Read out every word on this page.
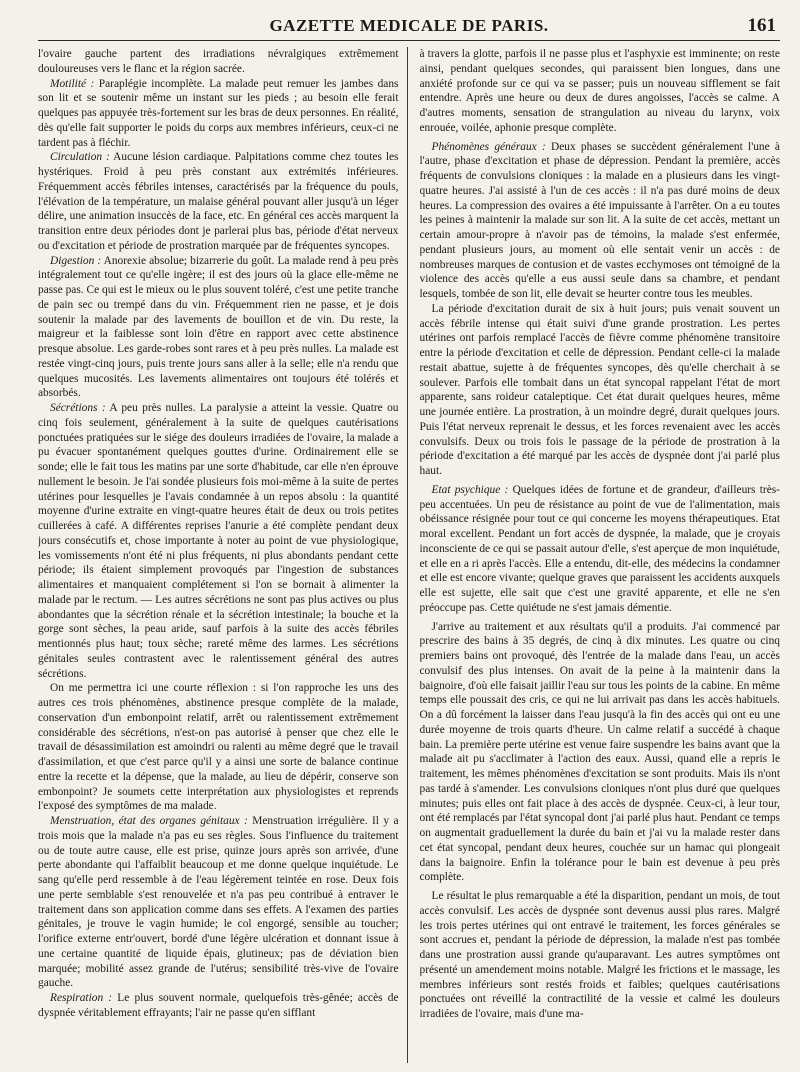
GAZETTE MEDICALE DE PARIS.	161

l'ovaire gauche partent des irradiations névralgiques extrêmement douloureuses vers le flanc et la région sacrée.

Motilité : Paraplégie incomplète. La malade peut remuer les jambes dans son lit et se soutenir même un instant sur les pieds ; au besoin elle ferait quelques pas appuyée très-fortement sur les bras de deux personnes. En réalité, dès qu'elle fait supporter le poids du corps aux membres inférieurs, ceux-ci ne tardent pas à fléchir.

Circulation : Aucune lésion cardiaque. Palpitations comme chez toutes les hystériques. Froid à peu près constant aux extrémités inférieures. Fréquemment accès fébriles intenses, caractérisés par la fréquence du pouls, l'élévation de la température, un malaise général pouvant aller jusqu'à un léger délire, une animation insuccès de la face, etc. En général ces accès marquent la transition entre deux périodes dont je parlerai plus bas, période d'état nerveux ou d'excitation et période de prostration marquée par de fréquentes syncopes.

Digestion : Anorexie absolue; bizarrerie du goût. La malade rend à peu près intégralement tout ce qu'elle ingère; il est des jours où la glace elle-même ne passe pas. Ce qui est le mieux ou le plus souvent toléré, c'est une petite tranche de pain sec ou trempé dans du vin. Fréquemment rien ne passe, et je dois soutenir la malade par des lavements de bouillon et de vin. Du reste, la maigreur et la faiblesse sont loin d'être en rapport avec cette abstinence presque absolue. Les garde-robes sont rares et à peu près nulles. La malade est restée vingt-cinq jours, puis trente jours sans aller à la selle; elle n'a rendu que quelques mucosités. Les lavements alimentaires ont toujours été tolérés et absorbés.

Sécrétions : A peu près nulles. La paralysie a atteint la vessie. Quatre ou cinq fois seulement, généralement à la suite de quelques cautérisations ponctuées pratiquées sur le siége des douleurs irradiées de l'ovaire, la malade a pu évacuer spontanément quelques gouttes d'urine. Ordinairement elle se sonde; elle le fait tous les matins par une sorte d'habitude, car elle n'en éprouve nullement le besoin. Je l'ai sondée plusieurs fois moi-même à la suite de pertes utérines pour lesquelles je l'avais condamnée à un repos absolu : la quantité moyenne d'urine extraite en vingt-quatre heures était de deux ou trois petites cuillerées à café. A différentes reprises l'anurie a été complète pendant deux jours consécutifs et, chose importante à noter au point de vue physiologique, les vomissements n'ont été ni plus fréquents, ni plus abondants pendant cette période; ils étaient simplement provoqués par l'ingestion de substances alimentaires et manquaient complétement si l'on se bornait à alimenter la malade par le rectum. — Les autres sécrétions ne sont pas plus actives ou plus abondantes que la sécrétion rénale et la sécrétion intestinale; la bouche et la gorge sont sèches, la peau aride, sauf parfois à la suite des accès fébriles mentionnés plus haut; toux sèche; rareté même des larmes. Les sécrétions génitales seules contrastent avec le ralentissement général des autres sécrétions.

On me permettra ici une courte réflexion : si l'on rapproche les uns des autres ces trois phénomènes, abstinence presque complète de la malade, conservation d'un embonpoint relatif, arrêt ou ralentissement extrêmement considérable des sécrétions, n'est-on pas autorisé à penser que chez elle le travail de désassimilation est amoindri ou ralenti au même degré que le travail d'assimilation, et que c'est parce qu'il y a ainsi une sorte de balance continue entre la recette et la dépense, que la malade, au lieu de dépérir, conserve son embonpoint? Je soumets cette interprétation aux physiologistes et reprends l'exposé des symptômes de ma malade.

Menstruation, état des organes génitaux : Menstruation irrégulière. Il y a trois mois que la malade n'a pas eu ses règles. Sous l'influence du traitement ou de toute autre cause, elle est prise, quinze jours après son arrivée, d'une perte abondante qui l'affaiblit beaucoup et me donne quelque inquiétude. Le sang qu'elle perd ressemble à de l'eau légèrement teintée en rose. Deux fois une perte semblable s'est renouvelée et n'a pas peu contribué à entraver le traitement dans son application comme dans ses effets. A l'examen des parties génitales, je trouve le vagin humide; le col engorgé, sensible au toucher; l'orifice externe entr'ouvert, bordé d'une légère ulcération et donnant issue à une certaine quantité de liquide épais, glutineux; pas de déviation bien marquée; mobilité assez grande de l'utérus; sensibilité très-vive de l'ovaire gauche.

Respiration : Le plus souvent normale, quelquefois très-gênée; accès de dyspnée véritablement effrayants; l'air ne passe qu'en sifflant

à travers la glotte, parfois il ne passe plus et l'asphyxie est imminente; on reste ainsi, pendant quelques secondes, qui paraissent bien longues, dans une anxiété profonde sur ce qui va se passer; puis un nouveau sifflement se fait entendre. Après une heure ou deux de dures angoisses, l'accès se calme. A d'autres moments, sensation de strangulation au niveau du larynx, voix enrouée, voilée, aphonie presque complète.

Phénomènes généraux : Deux phases se succèdent généralement l'une à l'autre, phase d'excitation et phase de dépression. Pendant la première, accès fréquents de convulsions cloniques : la malade en a plusieurs dans les vingt-quatre heures. J'ai assisté à l'un de ces accès : il n'a pas duré moins de deux heures. La compression des ovaires a été impuissante à l'arrêter. On a eu toutes les peines à maintenir la malade sur son lit. A la suite de cet accès, mettant un certain amour-propre à n'avoir pas de témoins, la malade s'est enfermée, pendant plusieurs jours, au moment où elle sentait venir un accès : de nombreuses marques de contusion et de vastes ecchymoses ont témoigné de la violence des accès qu'elle a eus aussi seule dans sa chambre, et pendant lesquels, tombée de son lit, elle devait se heurter contre tous les meubles.

La période d'excitation durait de six à huit jours; puis venait souvent un accès fébrile intense qui était suivi d'une grande prostration. Les pertes utérines ont parfois remplacé l'accès de fièvre comme phénomène transitoire entre la période d'excitation et celle de dépression. Pendant celle-ci la malade restait abattue, sujette à de fréquentes syncopes, dès qu'elle cherchait à se soulever. Parfois elle tombait dans un état syncopal rappelant l'état de mort apparente, sans roideur cataleptique. Cet état durait quelques heures, même une journée entière. La prostration, à un moindre degré, durait quelques jours. Puis l'état nerveux reprenait le dessus, et les forces revenaient avec les accès convulsifs. Deux ou trois fois le passage de la période de prostration à la période d'excitation a été marqué par les accès de dyspnée dont j'ai parlé plus haut.

Etat psychique : Quelques idées de fortune et de grandeur, d'ailleurs très-peu accentuées. Un peu de résistance au point de vue de l'alimentation, mais obéissance résignée pour tout ce qui concerne les moyens thérapeutiques. Etat moral excellent. Pendant un fort accès de dyspnée, la malade, que je croyais inconsciente de ce qui se passait autour d'elle, s'est aperçue de mon inquiétude, et elle en a ri après l'accès. Elle a entendu, dit-elle, des médecins la condamner et elle est encore vivante; quelque graves que paraissent les accidents auxquels elle est sujette, elle sait que c'est une gravité apparente, et elle ne s'en préoccupe pas. Cette quiétude ne s'est jamais démentie.

J'arrive au traitement et aux résultats qu'il a produits. J'ai commencé par prescrire des bains à 35 degrés, de cinq à dix minutes. Les quatre ou cinq premiers bains ont provoqué, dès l'entrée de la malade dans l'eau, un accès convulsif des plus intenses. On avait de la peine à la maintenir dans la baignoire, d'où elle faisait jaillir l'eau sur tous les points de la cabine. En même temps elle poussait des cris, ce qui ne lui arrivait pas dans les accès habituels. On a dû forcément la laisser dans l'eau jusqu'à la fin des accès qui ont eu une durée moyenne de trois quarts d'heure. Un calme relatif a succédé à chaque bain. La première perte utérine est venue faire suspendre les bains avant que la malade ait pu s'acclimater à l'action des eaux. Aussi, quand elle a repris le traitement, les mêmes phénomènes d'excitation se sont produits. Mais ils n'ont pas tardé à s'amender. Les convulsions cloniques n'ont plus duré que quelques minutes; puis elles ont fait place à des accès de dyspnée. Ceux-ci, à leur tour, ont été remplacés par l'état syncopal dont j'ai parlé plus haut. Pendant ce temps on augmentait graduellement la durée du bain et j'ai vu la malade rester dans cet état syncopal, pendant deux heures, couchée sur un hamac qui plongeait dans la baignoire. Enfin la tolérance pour le bain est devenue à peu près complète.

Le résultat le plus remarquable a été la disparition, pendant un mois, de tout accès convulsif. Les accès de dyspnée sont devenus aussi plus rares. Malgré les trois pertes utérines qui ont entravé le traitement, les forces générales se sont accrues et, pendant la période de dépression, la malade n'est pas tombée dans une prostration aussi grande qu'auparavant. Les autres symptômes ont présenté un amendement moins notable. Malgré les frictions et le massage, les membres inférieurs sont restés froids et faibles; quelques cautérisations ponctuées ont réveillé la contractilité de la vessie et calmé les douleurs irradiées de l'ovaire, mais d'une ma-
